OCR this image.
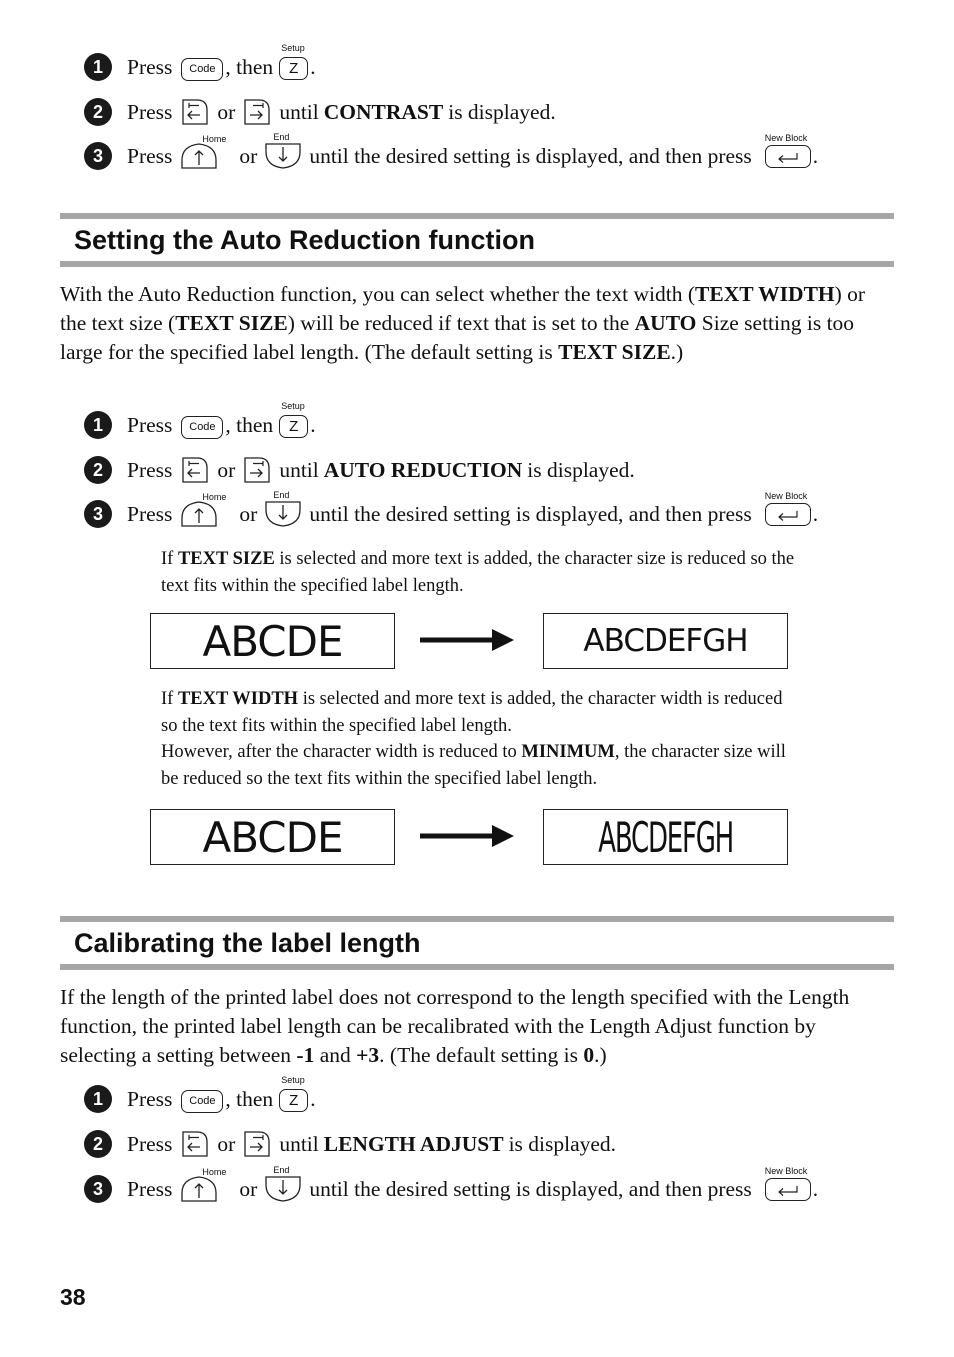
1	Press	Code , then
Setup
Z .
2	Press or until CONTRAST is displayed.
3	Press
Home
or
End
until the desired setting is displayed, and then press
New Block
.
Setting the Auto Reduction function

With the Auto Reduction function, you can select whether the text width (TEXT WIDTH) or the text size (TEXT SIZE) will be reduced if text that is set to the AUTO Size setting is too large for the specified label length. (The default setting is TEXT SIZE.)

1	Press	Code , then
Setup
Z .
2	Press or until AUTO REDUCTION is displayed.
3	Press
Home
or
End
until the desired setting is displayed, and then press
New Block
.

If TEXT SIZE is selected and more text is added, the character size is reduced so the text fits within the specified label length.

ABCDE	ABCDEFGH

If TEXT WIDTH is selected and more text is added, the character width is reduced so the text fits within the specified label length.
However, after the character width is reduced to MINIMUM, the character size will be reduced so the text fits within the specified label length.

ABCDE	ABCDEFGH
Calibrating the label length

If the length of the printed label does not correspond to the length specified with the Length function, the printed label length can be recalibrated with the Length Adjust function by selecting a setting between -1 and +3. (The default setting is 0.)

1	Press	Code , then
Setup
Z .
2	Press or until LENGTH ADJUST is displayed.
3	Press
Home
or
End
until the desired setting is displayed, and then press
New Block
.
38
